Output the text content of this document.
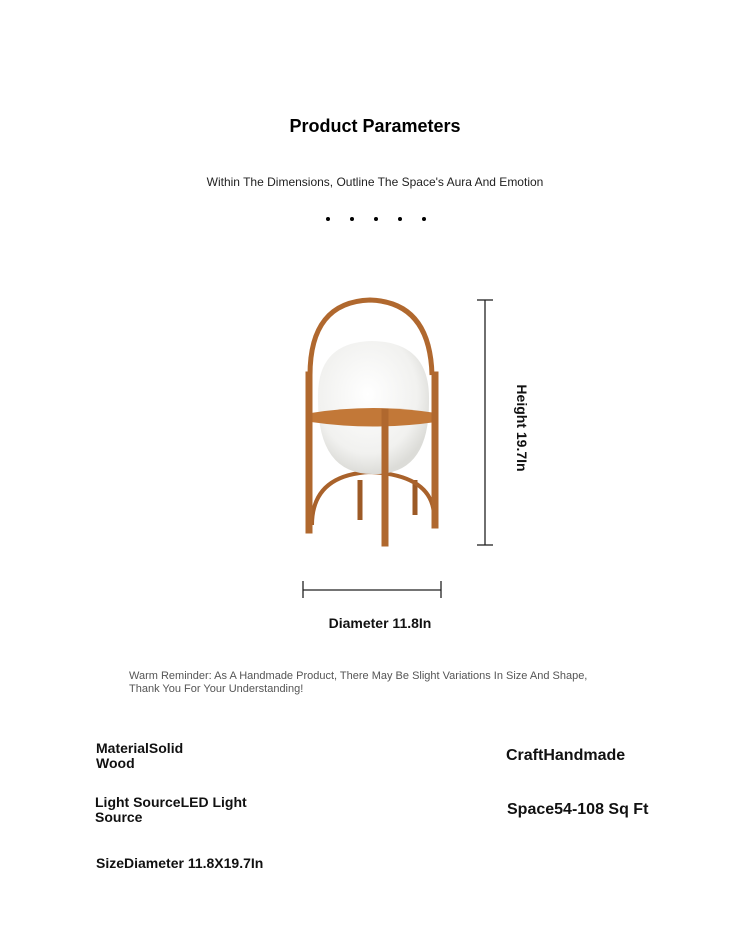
Product Parameters
Within The Dimensions, Outline The Space's Aura And Emotion
Height 19.7In
Diameter 11.8In
Warm Reminder: As A Handmade Product, There May Be Slight Variations In Size And Shape, Thank You For Your Understanding!
MaterialSolid Wood	CraftHandmade
Light SourceLED Light Source	Space54-108 Sq Ft
SizeDiameter 11.8X19.7In
